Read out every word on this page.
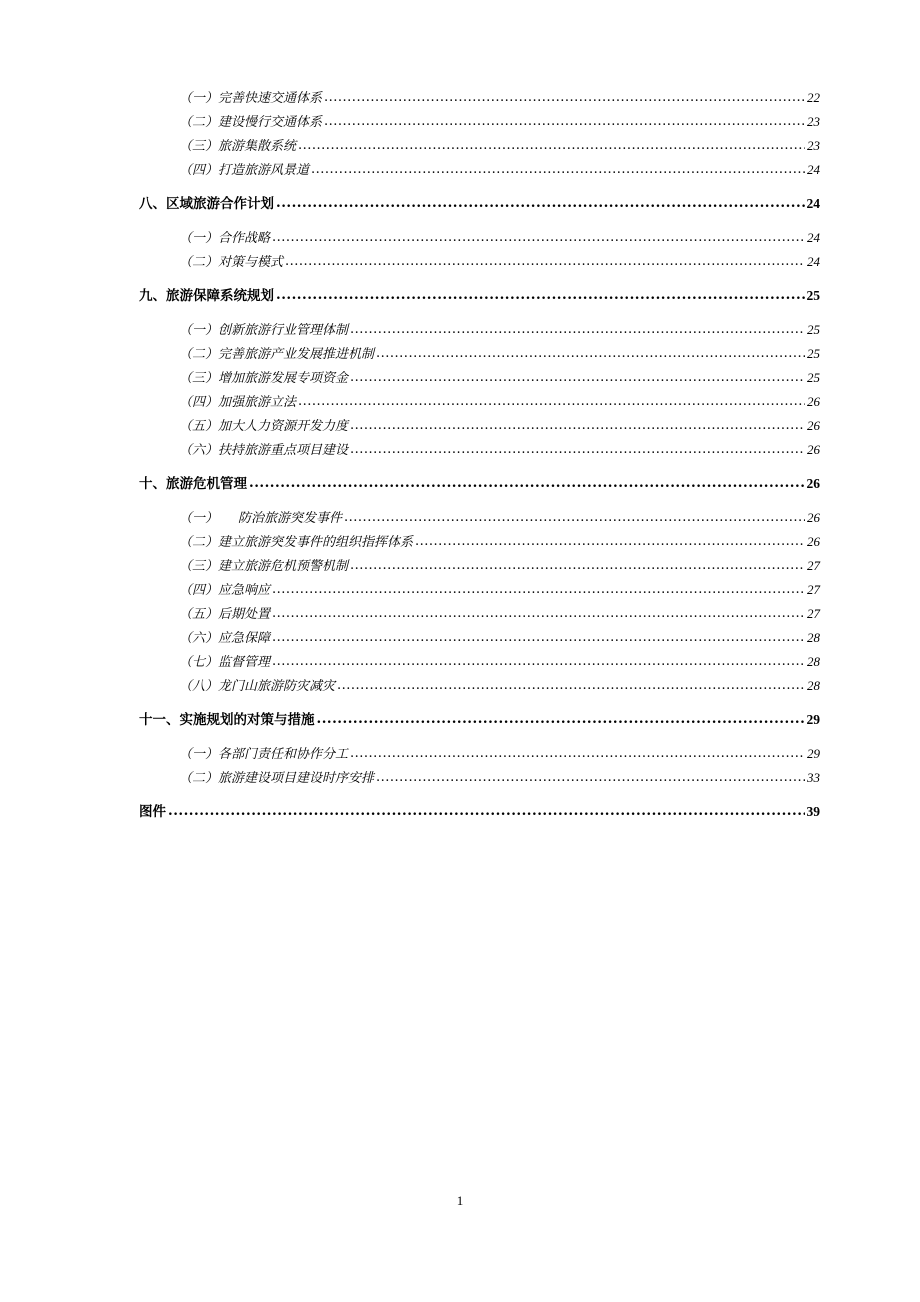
（一）完善快速交通体系 .....	22
（二）建设慢行交通体系 .....	23
（三）旅游集散系统 .....	23
（四）打造旅游风景道 .....	24
八、区域旅游合作计划 .....	24
（一）合作战略 .....	24
（二）对策与模式 .....	24
九、旅游保障系统规划 .....	25
（一）创新旅游行业管理体制 .....	25
（二）完善旅游产业发展推进机制 .....	25
（三）增加旅游发展专项资金 .....	25
（四）加强旅游立法 .....	26
（五）加大人力资源开发力度 .....	26
（六）扶持旅游重点项目建设 .....	26
十、旅游危机管理 .....	26
（一） 防治旅游突发事件 .....	26
（二）建立旅游突发事件的组织指挥体系 .....	26
（三）建立旅游危机预警机制 .....	27
（四）应急响应 .....	27
（五）后期处置 .....	27
（六）应急保障 .....	28
（七）监督管理 .....	28
（八）龙门山旅游防灾减灾 .....	28
十一、实施规划的对策与措施 .....	29
（一）各部门责任和协作分工 .....	29
（二）旅游建设项目建设时序安排 .....	33
图件 .....	39
1
